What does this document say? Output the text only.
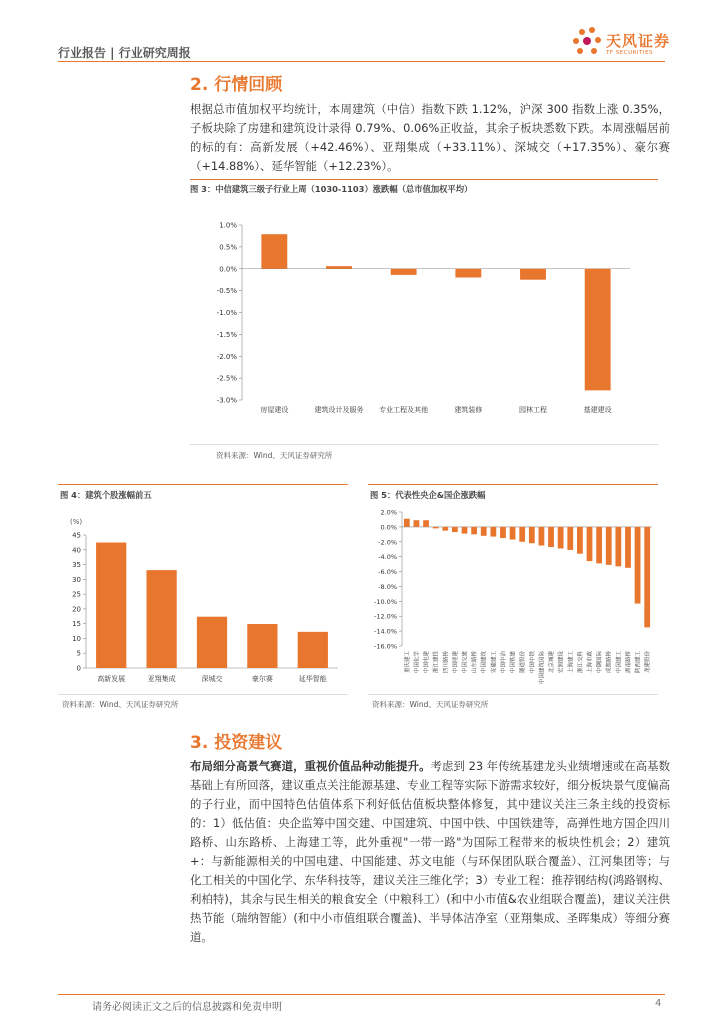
行业报告 | 行业研究周报
天风证券
TF SECURITIES
2. 行情回顾
根据总市值加权平均统计，本周建筑（中信）指数下跌 1.12%，沪深 300 指数上涨 0.35%，子板块除了房建和建筑设计录得 0.79%、0.06%正收益，其余子板块悉数下跌。本周涨幅居前的标的有：高新发展（+42.46%）、亚翔集成（+33.11%）、深城交（+17.35%）、豪尔赛（+14.88%）、延华智能（+12.23%）。
图 3：中信建筑三级子行业上周（1030-1103）涨跌幅（总市值加权平均）
1.0%
0.5%
0.0%
-0.5%
-1.0%
-1.5%
-2.0%
-2.5%
-3.0%
房屋建设	建筑设计及服务 专业工程及其他	建筑装修	园林工程	基建建设
资料来源：Wind、天风证券研究所
图 4：建筑个股涨幅前五
(%)
45
40
35
30
25
20
15
10
5
0
高新发展	亚翔集成	深城交	豪尔赛	延华智能
资料来源：Wind、天风证券研究所
图 5：代表性央企&国企涨跌幅
2.0%
0.0%
-2.0%
-4.0%
-6.0%
-8.0%
-10.0%
-12.0%
-14.0%
-16.0%
重庆建工 中国化学 中国电建 浙江建投 四川路桥 中国能建 中国交建 山东路桥 中国建筑 安徽建工 中国中冶 中国铁建 隧道股份 中国中铁 中国建筑国际 北京城建 宏润建设 上海建工 浙江交科 上海市政 中钢国际 成都路桥 中国建工 湖南路桥 陕西建工 龙建股份
资料来源：Wind、天风证券研究所
3. 投资建议
布局细分高景气赛道，重视价值品种动能提升。考虑到 23 年传统基建龙头业绩增速或在高基数基础上有所回落，建议重点关注能源基建、专业工程等实际下游需求较好，细分板块景气度偏高的子行业，而中国特色估值体系下利好低估值板块整体修复，其中建议关注三条主线的投资标的：1）低估值：央企监筹中国交建、中国建筑、中国中铁、中国铁建等，高弹性地方国企四川路桥、山东路桥、上海建工等，此外重视"一带一路"为国际工程带来的板块性机会；2）建筑+：与新能源相关的中国电建、中国能建、苏文电能（与环保团队联合覆盖）、江河集团等；与化工相关的中国化学、东华科技等，建议关注三维化学；3）专业工程：推荐钢结构(鸿路钢构、利柏特)，其余与民生相关的粮食安全（中粮科工）(和中小市值&农业组联合覆盖)，建议关注供热节能（瑞纳智能）(和中小市值组联合覆盖)、半导体洁净室（亚翔集成、圣晖集成）等细分赛道。
请务必阅读正文之后的信息披露和免责申明	4
